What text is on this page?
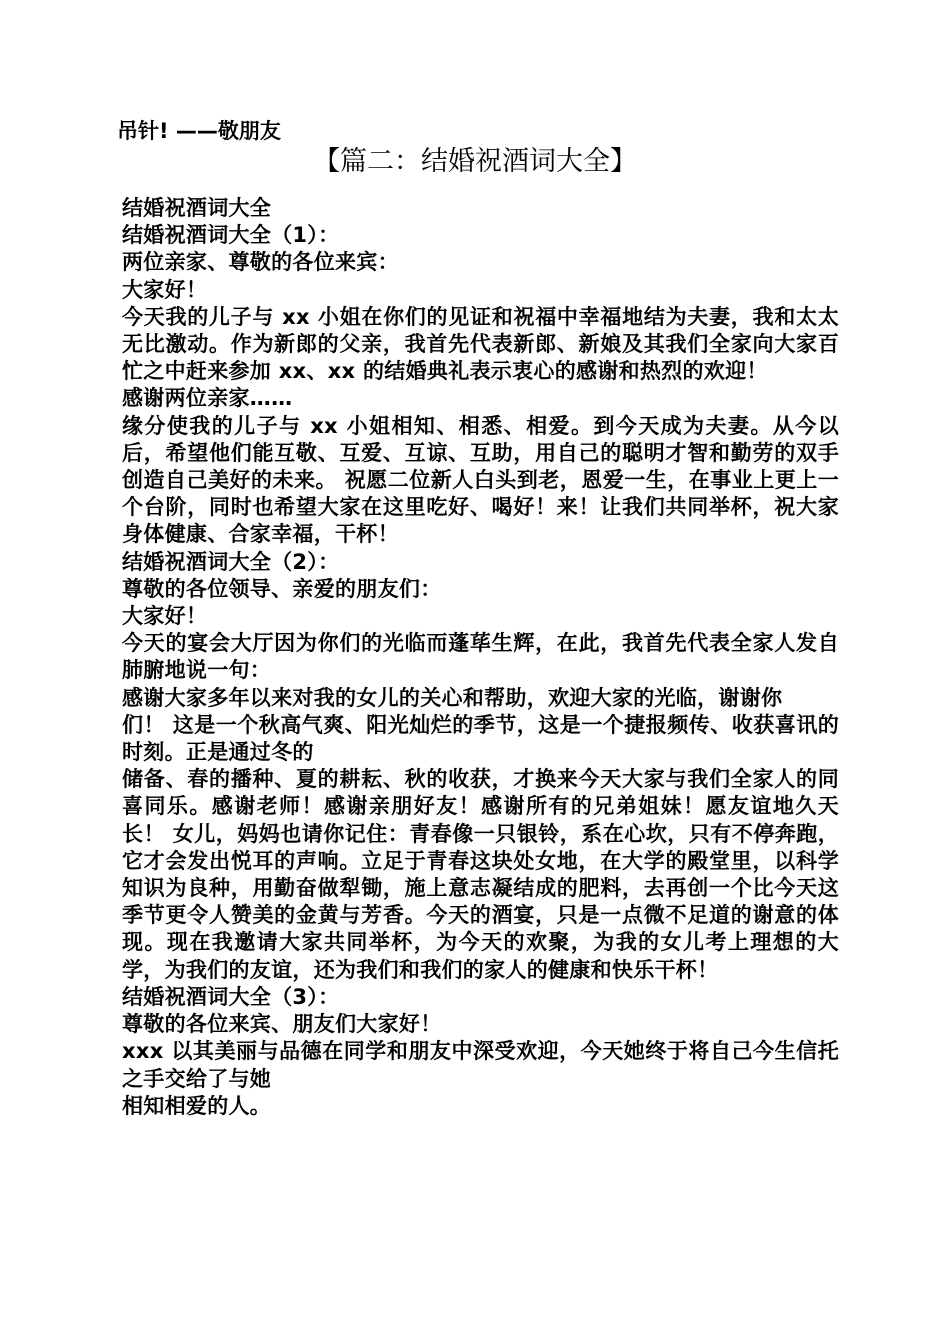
吊针! ——敬朋友
【篇二：结婚祝酒词大全】

结婚祝酒词大全

结婚祝酒词大全（1）：

两位亲家、尊敬的各位来宾：

大家好！

今天我的儿子与 xx 小姐在你们的见证和祝福中幸福地结为夫妻，我和太太无比激动。作为新郎的父亲，我首先代表新郎、新娘及其我们全家向大家百忙之中赶来参加 xx、xx 的结婚典礼表示衷心的感谢和热烈的欢迎！

感谢两位亲家……

缘分使我的儿子与 xx 小姐相知、相悉、相爱。到今天成为夫妻。从今以后，希望他们能互敬、互爱、互谅、互助，用自己的聪明才智和勤劳的双手创造自己美好的未来。 祝愿二位新人白头到老，恩爱一生，在事业上更上一个台阶，同时也希望大家在这里吃好、喝好！来！让我们共同举杯，祝大家身体健康、合家幸福，干杯！

结婚祝酒词大全（2）：

尊敬的各位领导、亲爱的朋友们：

大家好！

今天的宴会大厅因为你们的光临而蓬荜生辉，在此，我首先代表全家人发自肺腑地说一句：

感谢大家多年以来对我的女儿的关心和帮助，欢迎大家的光临，谢谢你

们！ 这是一个秋高气爽、阳光灿烂的季节，这是一个捷报频传、收获喜讯的时刻。正是通过冬的

储备、春的播种、夏的耕耘、秋的收获，才换来今天大家与我们全家人的同喜同乐。感谢老师！感谢亲朋好友！感谢所有的兄弟姐妹！愿友谊地久天长！ 女儿，妈妈也请你记住：青春像一只银铃，系在心坎，只有不停奔跑，它才会发出悦耳的声响。立足于青春这块处女地，在大学的殿堂里，以科学知识为良种，用勤奋做犁锄，施上意志凝结成的肥料，去再创一个比今天这季节更令人赞美的金黄与芳香。今天的酒宴，只是一点微不足道的谢意的体现。现在我邀请大家共同举杯，为今天的欢聚，为我的女儿考上理想的大学，为我们的友谊，还为我们和我们的家人的健康和快乐干杯！

结婚祝酒词大全（3）：

尊敬的各位来宾、朋友们大家好！

xxx 以其美丽与品德在同学和朋友中深受欢迎，今天她终于将自己今生信托之手交给了与她

相知相爱的人。
